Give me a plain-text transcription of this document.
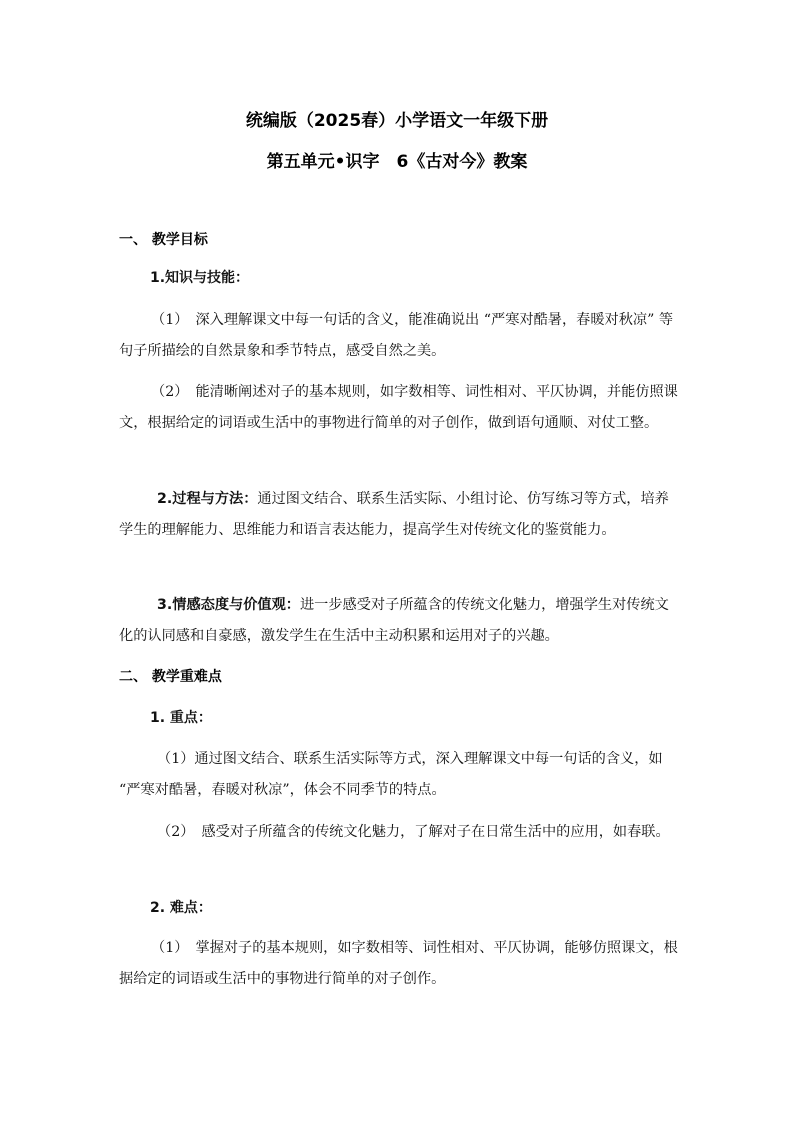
统编版（2025春）小学语文一年级下册
第五单元•识字　6《古对今》教案
一、 教学目标
1.知识与技能：
（1）　深入理解课文中每一句话的含义，能准确说出 “严寒对酷暑，春暖对秋凉” 等句子所描绘的自然景象和季节特点，感受自然之美。
（2）　能清晰阐述对子的基本规则，如字数相等、词性相对、平仄协调，并能仿照课文，根据给定的词语或生活中的事物进行简单的对子创作，做到语句通顺、对仗工整。
2.过程与方法：通过图文结合、联系生活实际、小组讨论、仿写练习等方式，培养学生的理解能力、思维能力和语言表达能力，提高学生对传统文化的鉴赏能力。
3.情感态度与价值观：进一步感受对子所蕴含的传统文化魅力，增强学生对传统文化的认同感和自豪感，激发学生在生活中主动积累和运用对子的兴趣。
二、 教学重难点
1. 重点：
（1）通过图文结合、联系生活实际等方式，深入理解课文中每一句话的含义，如 “严寒对酷暑，春暖对秋凉”，体会不同季节的特点。
（2）　感受对子所蕴含的传统文化魅力，了解对子在日常生活中的应用，如春联。
2. 难点：
（1）　掌握对子的基本规则，如字数相等、词性相对、平仄协调，能够仿照课文，根据给定的词语或生活中的事物进行简单的对子创作。
